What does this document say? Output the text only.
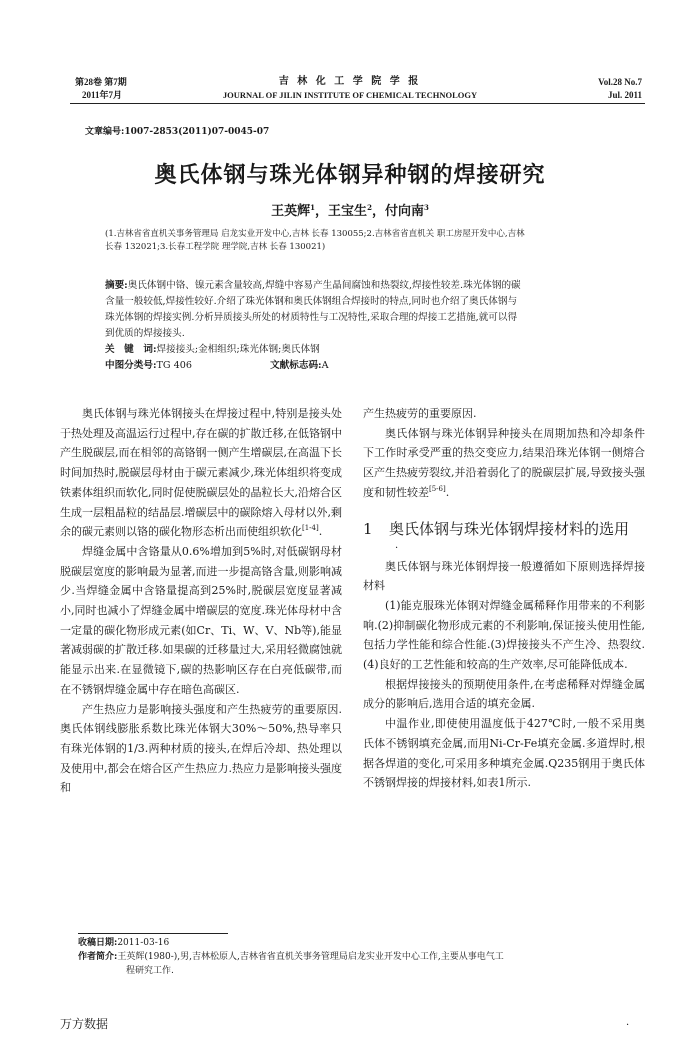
第28卷 第7期
2011年7月
吉 林 化 工 学 院 学 报
JOURNAL OF JILIN INSTITUTE OF CHEMICAL TECHNOLOGY
Vol.28 No.7
Jul. 2011
文章编号:1007-2853(2011)07-0045-07
奥氏体钢与珠光体钢异种钢的焊接研究
王英辉$^1$，王宝生$^2$，付向南$^3$
(1.吉林省省直机关事务管理局 启龙实业开发中心,吉林 长春 130055;2.吉林省省直机关 职工房屋开发中心,吉林
长春 132021;3.长春工程学院 理学院,吉林 长春 130021)
摘要:奥氏体钢中铬、镍元素含量较高,焊缝中容易产生晶间腐蚀和热裂纹,焊接性较差.珠光体钢的碳
含量一般较低,焊接性较好.介绍了珠光体钢和奥氏体钢组合焊接时的特点,同时也介绍了奥氏体钢与
珠光体钢的焊接实例.分析异质接头所处的材质特性与工况特性,采取合理的焊接工艺措施,就可以得
到优质的焊接接头.
关　键　词:焊接接头;金相组织;珠光体钢;奥氏体钢
中图分类号:TG 406	文献标志码:A

奥氏体钢与珠光体钢接头在焊接过程中,特别是接头处于热处理及高温运行过程中,存在碳的扩散迁移,在低铬钢中产生脱碳层,而在相邻的高铬钢一侧产生增碳层,在高温下长时间加热时,脱碳层母材由于碳元素减少,珠光体组织将变成铁素体组织而软化,同时促使脱碳层处的晶粒长大,沿熔合区生成一层粗晶粒的结晶层.增碳层中的碳除熔入母材以外,剩余的碳元素则以铬的碳化物形态析出而使组织软化[1-4].

焊缝金属中含铬量从0.6%增加到5%时,对低碳钢母材脱碳层宽度的影响最为显著,而进一步提高铬含量,则影响减少.当焊缝金属中含铬量提高到25%时,脱碳层宽度显著减小,同时也减小了焊缝金属中增碳层的宽度.珠光体母材中含一定量的碳化物形成元素(如Cr、Ti、W、V、Nb等),能显著减弱碳的扩散迁移.如果碳的迁移量过大,采用轻微腐蚀就能显示出来.在显微镜下,碳的热影响区存在白亮低碳带,而在不锈钢焊缝金属中存在暗色高碳区.

产生热应力是影响接头强度和产生热疲劳的重要原因.奥氏体钢线膨胀系数比珠光体钢大30%～50%,热导率只有珠光体钢的1/3.两种材质的接头,在焊后冷却、热处理以及使用中,都会在熔合区产生热应力.热应力是影响接头强度和

产生热疲劳的重要原因.

奥氏体钢与珠光体钢异种接头在周期加热和冷却条件下工作时承受严重的热交变应力,结果沿珠光体钢一侧熔合区产生热疲劳裂纹,并沿着弱化了的脱碳层扩展,导致接头强度和韧性较差[5-6].

1	奥氏体钢与珠光体钢焊接材料的选用
·

奥氏体钢与珠光体钢焊接一般遵循如下原则选择焊接材料

(1)能克服珠光体钢对焊缝金属稀释作用带来的不利影响.(2)抑制碳化物形成元素的不利影响,保证接头使用性能,包括力学性能和综合性能.(3)焊接接头不产生冷、热裂纹.(4)良好的工艺性能和较高的生产效率,尽可能降低成本.

根据焊接接头的预期使用条件,在考虑稀释对焊缝金属成分的影响后,选用合适的填充金属.

中温作业,即使使用温度低于427℃时,一般不采用奥氏体不锈钢填充金属,而用Ni-Cr-Fe填充金属.多道焊时,根据各焊道的变化,可采用多种填充金属.Q235钢用于奥氏体不锈钢焊接的焊接材料,如表1所示.

收稿日期:2011-03-16
作者简介:王英辉(1980-),男,吉林松原人,吉林省省直机关事务管理局启龙实业开发中心工作,主要从事电气工
程研究工作.
万方数据	·
